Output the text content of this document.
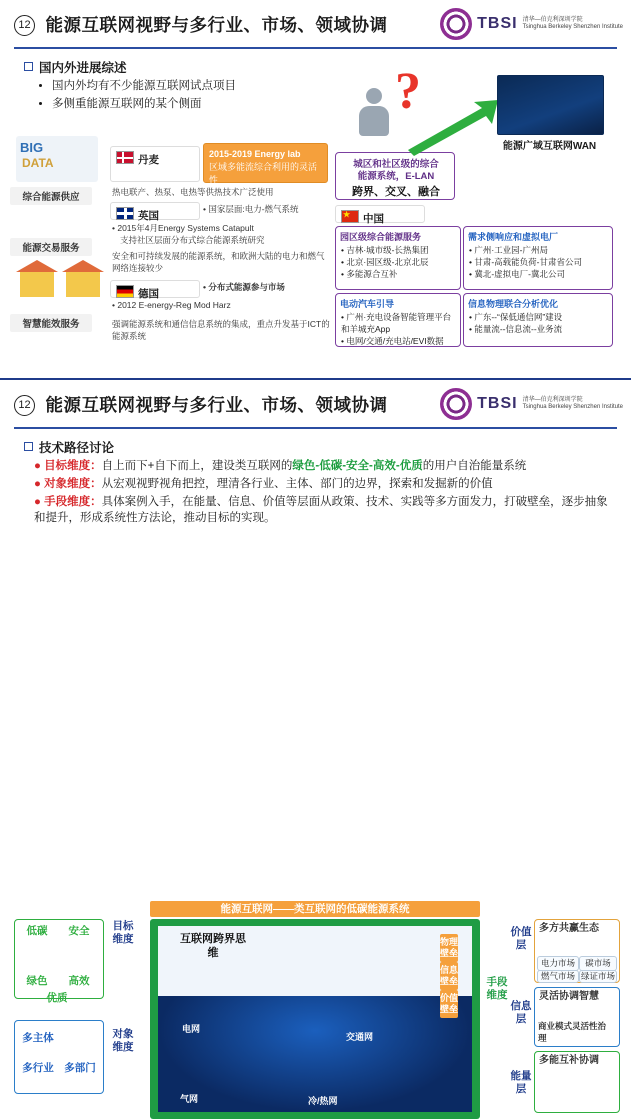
12 能源互联网视野与多行业、市场、领域协调	TBSI 清华—伯克利深圳学院
Tsinghua Berkeley Shenzhen Institute
国内外进展综述
• 国内外均有不少能源互联网试点项目
• 多侧重能源互联网的某个侧面
BIG
DATA
综合能源供应
能源交易服务
智慧能效服务
丹麦	2015-2019 Energy lab
区域多能流综合利用的灵活性
热电联产、热泵、电热等供热技术广泛使用
英国
• 国家层面:电力-燃气系统
• 2015年4月Energy Systems Catapult
支持社区层面分布式综合能源系统研究
安全和可持续发展的能源系统，和欧洲大陆的电力和燃气网络连接较少
德国
• 分布式能源参与市场
• 2012 E-energy-Reg Mod Harz
强调能源系统和通信信息系统的集成，重点升发基于ICT的能源系统
城区和社区级的综合
能源系统，E-LAN
跨界、交叉、融合
?
能源广域互联网WAN
★中国
园区级综合能源服务
• 吉林·城市级-长热集团
• 北京·园区级-北京北辰
• 多能源合互补
需求侧响应和虚拟电厂
• 广州·工业园-广州局
• 甘肃-高载能负荷-甘肃省公司
• 冀北-虚拟电厂-冀北公司
电动汽车引导
• 广州·充电设备智能管理平台和羊城充App
• 电网/交通/充电站/EVI数据
信息物理联合分析优化
• 广东--“保低通信网”建设
• 能量流--信息流--业务流
12 能源互联网视野与多行业、市场、领域协调	TBSI 清华—伯克利深圳学院
Tsinghua Berkeley Shenzhen Institute
技术路径讨论
● 目标维度：自上而下+自下而上，建设类互联网的绿色-低碳-安全-高效-优质的用户自治能量系统
● 对象维度：从宏观视野视角把控，理清各行业、主体、部门的边界，探索和发掘新的价值
● 手段维度：具体案例入手，在能量、信息、价值等层面从政策、技术、实践等多方面发力，打破壁垒，逐步抽象和提升，形成系统性方法论，推动目标的实现。
能源互联网——类互联网的低碳能源系统
互联网跨界思维
物理壁垒
信息壁垒
价值壁垒
电网
交通网
气网	冷/热网
低碳	安全
绿色	高效
优质
目标维度
多主体
多部门
多行业
对象维度
手段维度
价值层
多方共赢生态
电力市场	碳市场
燃气市场 绿证市场
信息层
灵活协调智慧
商业模式灵活性治理
能量层
多能互补协调
